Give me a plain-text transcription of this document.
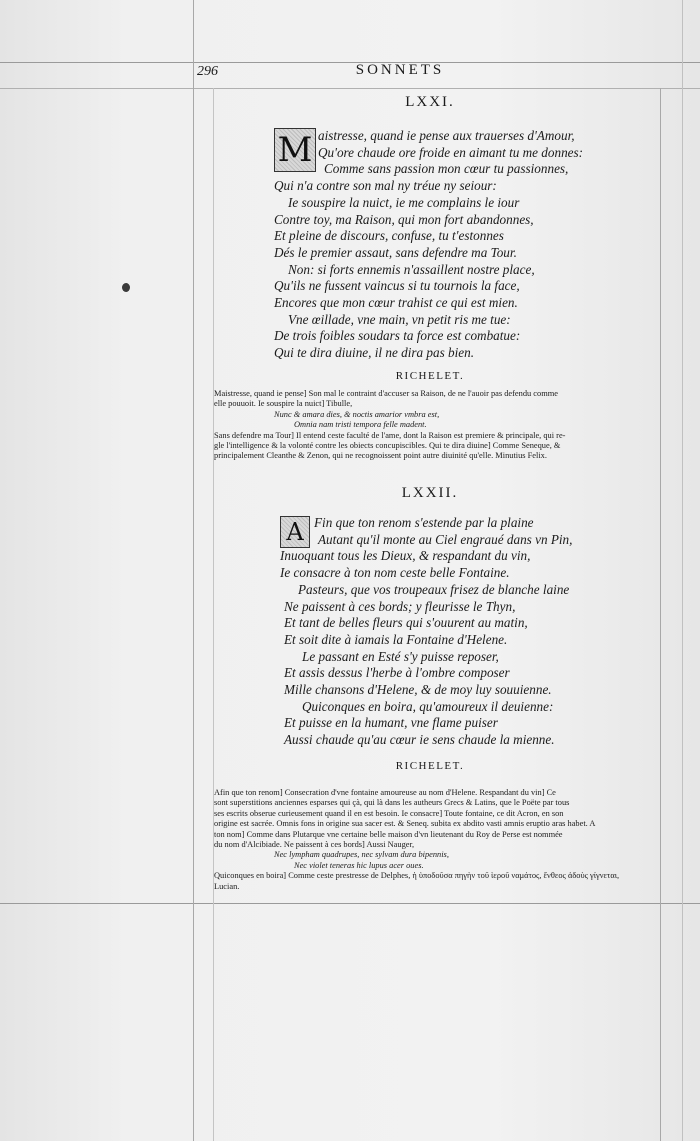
296	SONNETS
LXXI.
M aistresse, quand ie pense aux trauerses d'Amour,
Qu'ore chaude ore froide en aimant tu me donnes:
Comme sans passion mon cœur tu passionnes,
Qui n'a contre son mal ny tréue ny seiour:
Ie souspire la nuict, ie me complains le iour
Contre toy, ma Raison, qui mon fort abandonnes,
Et pleine de discours, confuse, tu t'estonnes
Dés le premier assaut, sans defendre ma Tour.
Non: si forts ennemis n'assaillent nostre place,
Qu'ils ne fussent vaincus si tu tournois la face,
Encores que mon cœur trahist ce qui est mien.
Vne œillade, vne main, vn petit ris me tue:
De trois foibles soudars ta force est combatue:
Qui te dira diuine, il ne dira pas bien.
RICHELET.
Maistresse, quand ie pense] Son mal le contraint d'accuser sa Raison, de ne l'auoir pas defendu comme
elle pouuoit. Ie souspire la nuict] Tibulle,
Nunc & amara dies, & noctis amarior vmbra est,
Omnia nam tristi tempora felle madent.
Sans defendre ma Tour] Il entend ceste faculté de l'ame, dont la Raison est premiere & principale, qui re-
gle l'intelligence & la volonté contre les obiects concupiscibles. Qui te dira diuine] Comme Seneque, &
principalement Cleanthe & Zenon, qui ne recognoissent point autre diuinité qu'elle. Minutius Felix.
LXXII.
A Fin que ton renom s'estende par la plaine
Autant qu'il monte au Ciel engraué dans vn Pin,
Inuoquant tous les Dieux, & respandant du vin,
Ie consacre à ton nom ceste belle Fontaine.
Pasteurs, que vos troupeaux frisez de blanche laine
Ne paissent à ces bords; y fleurisse le Thyn,
Et tant de belles fleurs qui s'ouurent au matin,
Et soit dite à iamais la Fontaine d'Helene.
Le passant en Esté s'y puisse reposer,
Et assis dessus l'herbe à l'ombre composer
Mille chansons d'Helene, & de moy luy souuienne.
Quiconques en boira, qu'amoureux il deuienne:
Et puisse en la humant, vne flame puiser
Aussi chaude qu'au cœur ie sens chaude la mienne.
RICHELET.
Afin que ton renom] Consecration d'vne fontaine amoureuse au nom d'Helene. Respandant du vin] Ce
sont superstitions anciennes esparses qui çà, qui là dans les autheurs Grecs & Latins, que le Poëte par tous
ses escrits obserue curieusement quand il en est besoin. Ie consacre] Toute fontaine, ce dit Acron, en son
origine est sacrée. Omnis fons in origine sua sacer est. & Seneq. subita ex abdito vasti amnis eruptio aras habet. A
ton nom] Comme dans Plutarque vne certaine belle maison d'vn lieutenant du Roy de Perse est nommée
du nom d'Alcibiade. Ne paissent à ces bords] Aussi Nauger,
Nec lympham quadrupes, nec sylvam dura bipennis,
Nec violet teneras hic lupus acer oues.
Quiconques en boira] Comme ceste prestresse de Delphes, ἡ ὑποδοῦσα πηγὴν τοῦ ἱεροῦ ναμάτος, ἔνθεος ἀδοὺς γίγνεται,
Lucian.
